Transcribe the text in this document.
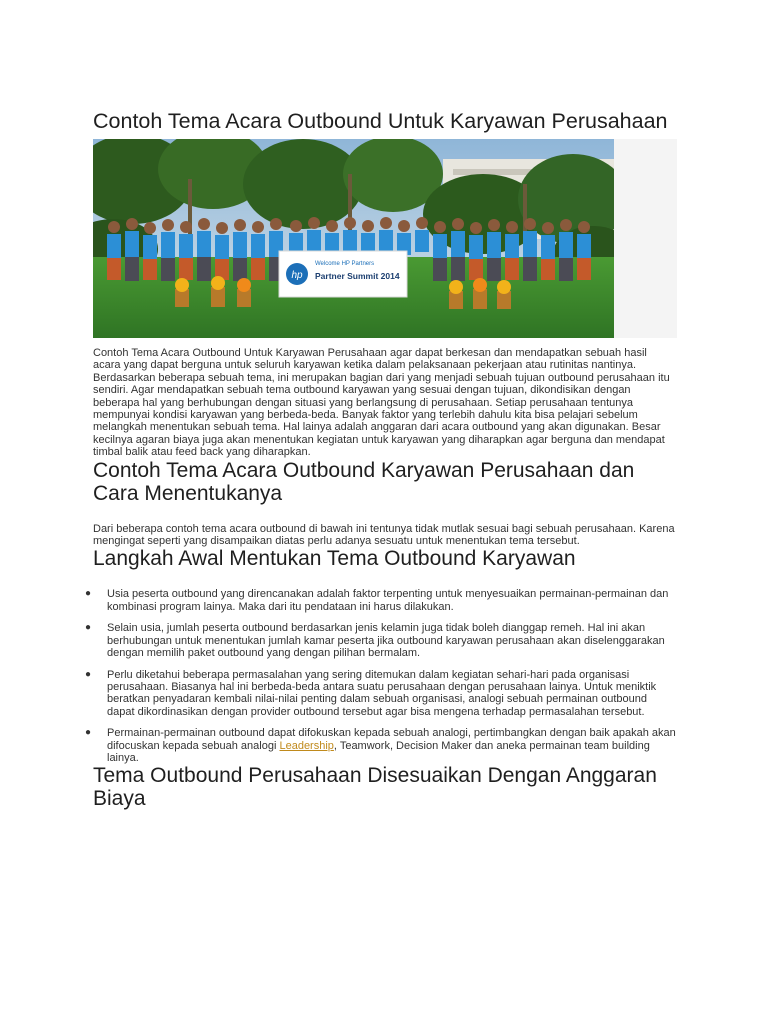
Contoh Tema Acara Outbound Untuk Karyawan Perusahaan
hp
Welcome HP Partners
Partner Summit 2014

Contoh Tema Acara Outbound Untuk Karyawan Perusahaan agar dapat berkesan dan mendapatkan sebuah hasil acara yang dapat berguna untuk seluruh karyawan ketika dalam pelaksanaan pekerjaan atau rutinitas nantinya. Berdasarkan beberapa sebuah tema, ini merupakan bagian dari yang menjadi sebuah tujuan outbound perusahaan itu sendiri. Agar mendapatkan sebuah tema outbound karyawan yang sesuai dengan tujuan, dikondisikan dengan beberapa hal yang berhubungan dengan situasi yang berlangsung di perusahaan. Setiap perusahaan tentunya mempunyai kondisi karyawan yang berbeda-beda. Banyak faktor yang terlebih dahulu kita bisa pelajari sebelum melangkah menentukan sebuah tema. Hal lainya adalah anggaran dari acara outbound yang akan digunakan. Besar kecilnya agaran biaya juga akan menentukan kegiatan untuk karyawan yang diharapkan agar berguna dan mendapat timbal balik atau feed back yang diharapkan.

Contoh Tema Acara Outbound Karyawan Perusahaan dan Cara Menentukanya

Dari beberapa contoh tema acara outbound di bawah ini tentunya tidak mutlak sesuai bagi sebuah perusahaan. Karena mengingat seperti yang disampaikan diatas perlu adanya sesuatu untuk menentukan tema tersebut.

Langkah Awal Mentukan Tema Outbound Karyawan
● Usia peserta outbound yang direncanakan adalah faktor terpenting untuk menyesuaikan permainan-permainan dan kombinasi program lainya. Maka dari itu pendataan ini harus dilakukan.
● Selain usia, jumlah peserta outbound berdasarkan jenis kelamin juga tidak boleh dianggap remeh. Hal ini akan berhubungan untuk menentukan jumlah kamar peserta jika outbound karyawan perusahaan akan diselenggarakan dengan memilih paket outbound yang dengan pilihan bermalam.
● Perlu diketahui beberapa permasalahan yang sering ditemukan dalam kegiatan sehari-hari pada organisasi perusahaan. Biasanya hal ini berbeda-beda antara suatu perusahaan dengan perusahaan lainya. Untuk meniktik beratkan penyadaran kembali nilai-nilai penting dalam sebuah organisasi, analogi sebuah permainan outbound dapat dikordinasikan dengan provider outbound tersebut agar bisa mengena terhadap permasalahan tersebut.
● Permainan-permainan outbound dapat difokuskan kepada sebuah analogi, pertimbangkan dengan baik apakah akan difocuskan kepada sebuah analogi Leadership, Teamwork, Decision Maker dan aneka permainan team building lainya.
Tema Outbound Perusahaan Disesuaikan Dengan Anggaran Biaya
